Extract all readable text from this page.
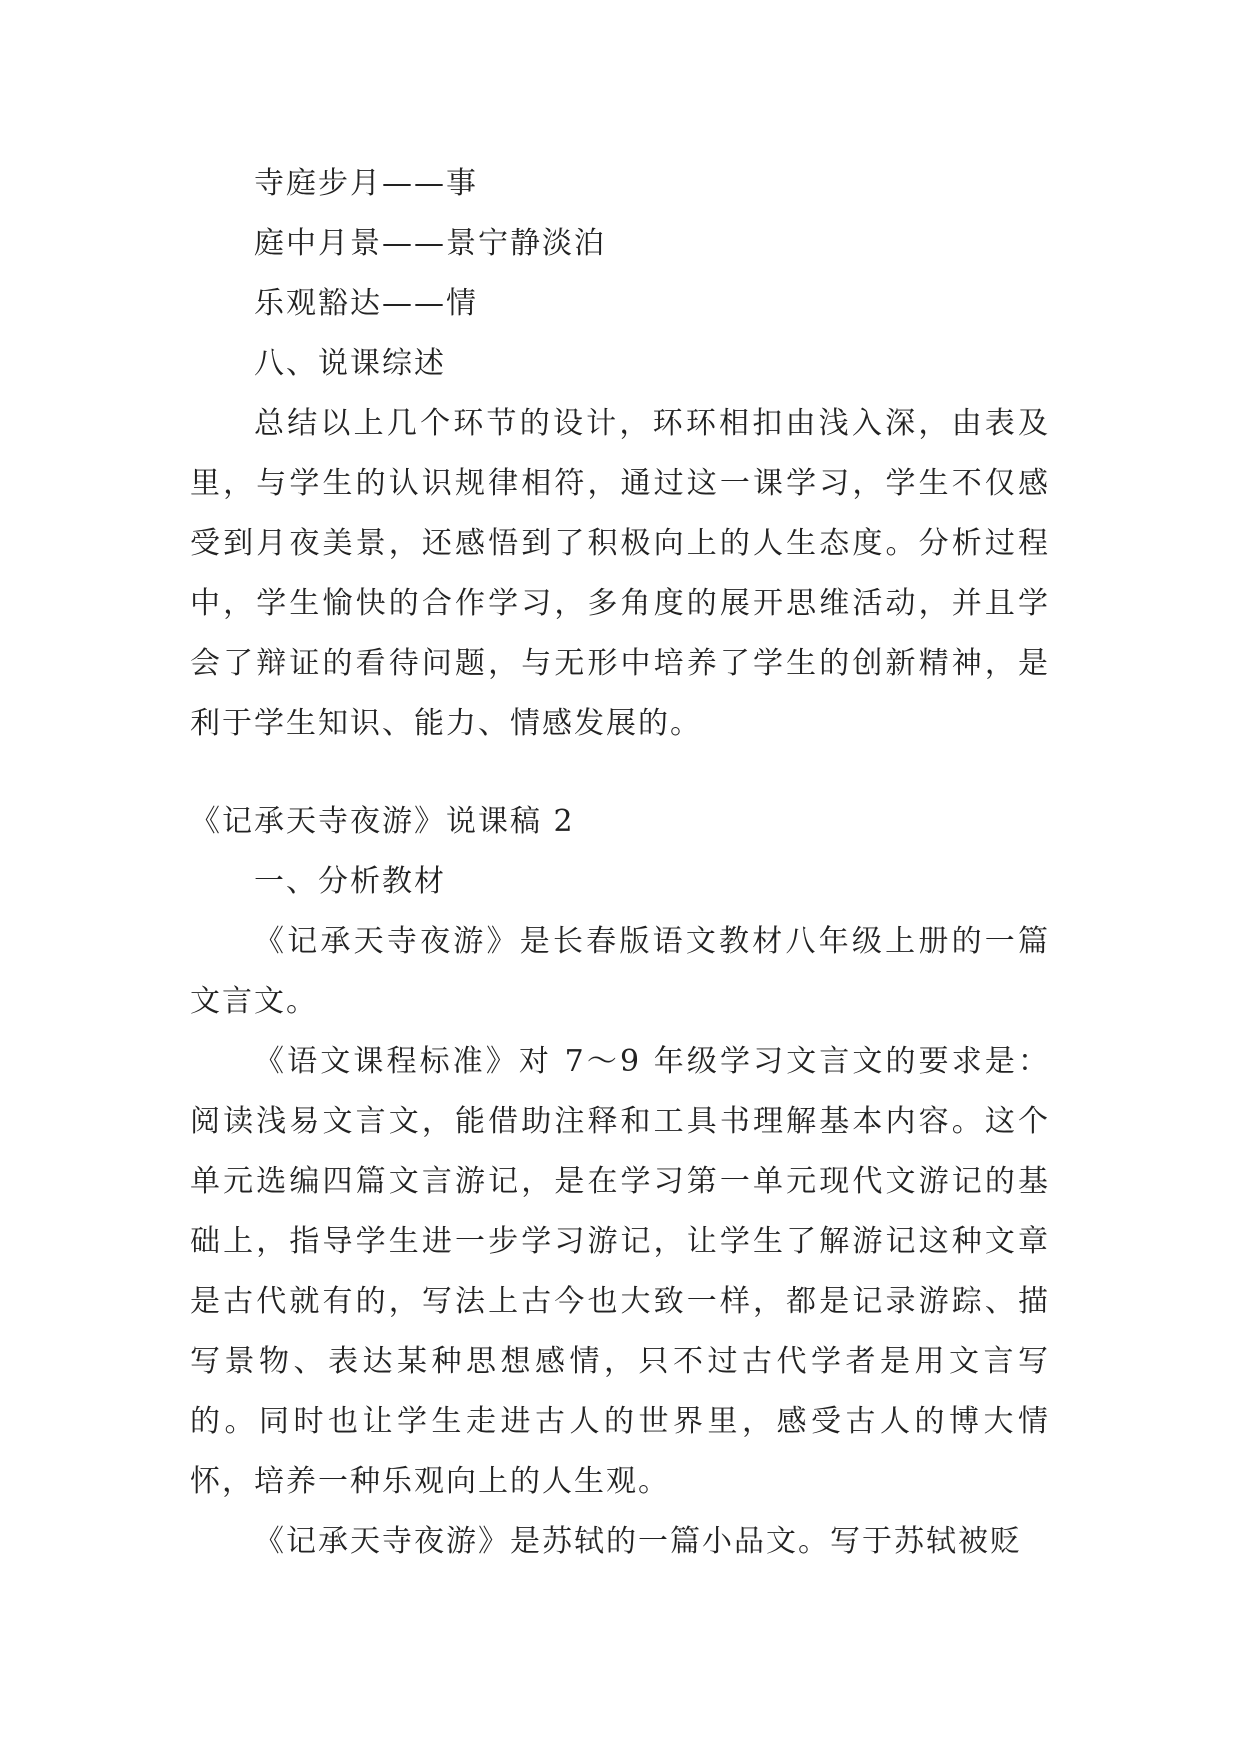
寺庭步月——事

庭中月景——景宁静淡泊

乐观豁达——情

八、说课综述

总结以上几个环节的设计，环环相扣由浅入深，由表及里，与学生的认识规律相符，通过这一课学习，学生不仅感受到月夜美景，还感悟到了积极向上的人生态度。分析过程中，学生愉快的合作学习，多角度的展开思维活动，并且学会了辩证的看待问题，与无形中培养了学生的创新精神，是利于学生知识、能力、情感发展的。

《记承天寺夜游》说课稿 2

一、分析教材

《记承天寺夜游》是长春版语文教材八年级上册的一篇文言文。

《语文课程标准》对 7～9 年级学习文言文的要求是：阅读浅易文言文，能借助注释和工具书理解基本内容。这个单元选编四篇文言游记，是在学习第一单元现代文游记的基础上，指导学生进一步学习游记，让学生了解游记这种文章是古代就有的，写法上古今也大致一样，都是记录游踪、描写景物、表达某种思想感情，只不过古代学者是用文言写的。同时也让学生走进古人的世界里，感受古人的博大情怀，培养一种乐观向上的人生观。

《记承天寺夜游》是苏轼的一篇小品文。写于苏轼被贬
